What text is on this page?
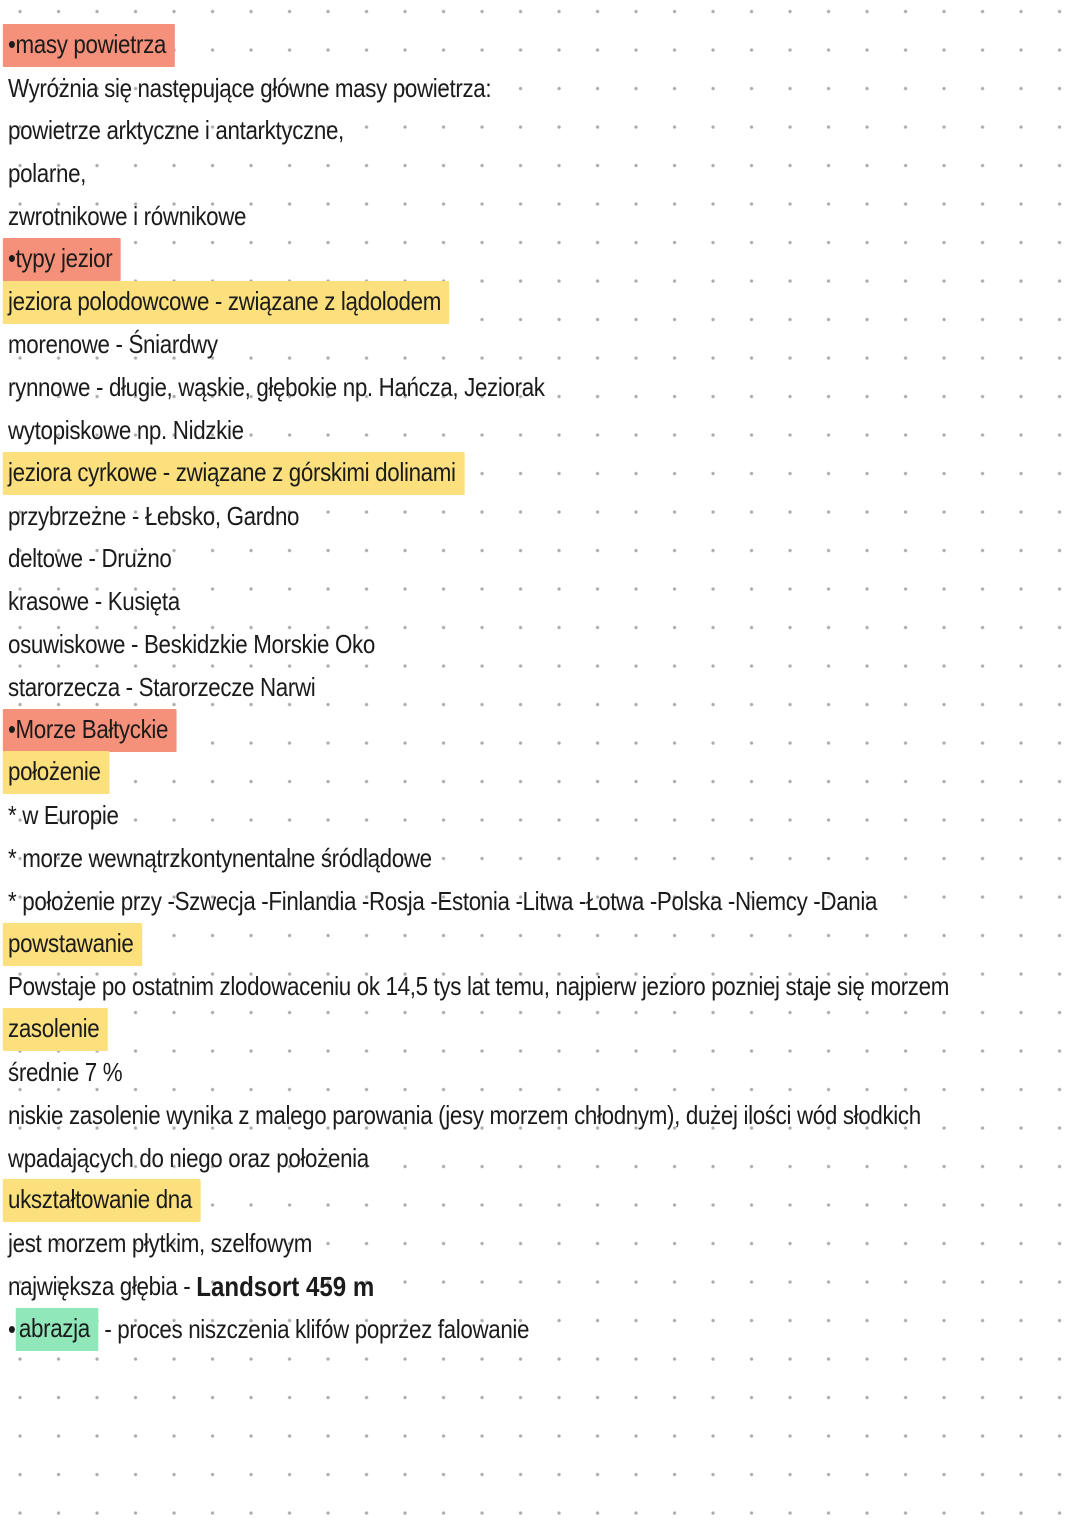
•masy powietrza
Wyróżnia się następujące główne masy powietrza:
powietrze arktyczne i antarktyczne,
polarne,
zwrotnikowe i równikowe
•typy jezior
jeziora polodowcowe - związane z lądolodem
morenowe - Śniardwy
rynnowe - długie, wąskie, głębokie np. Hańcza, Jeziorak
wytopiskowe np. Nidzkie
jeziora cyrkowe - związane z górskimi dolinami
przybrzeżne - Łebsko, Gardno
deltowe - Drużno
krasowe - Kusięta
osuwiskowe - Beskidzkie Morskie Oko
starorzecza - Starorzecze Narwi
•Morze Bałtyckie
położenie
* w Europie
* morze wewnątrzkontynentalne śródlądowe
* położenie przy -Szwecja -Finlandia -Rosja -Estonia -Litwa -Łotwa -Polska -Niemcy -Dania
powstawanie
Powstaje po ostatnim zlodowaceniu ok 14,5 tys lat temu, najpierw jezioro pozniej staje się morzem
zasolenie
średnie 7 %
niskie zasolenie wynika z malego parowania (jesy morzem chłodnym), dużej ilości wód słodkich
wpadających do niego oraz położenia
ukształtowanie dna
jest morzem płytkim, szelfowym
największa głębia - Landsort 459 m
• abrazja - proces niszczenia klifów poprzez falowanie
